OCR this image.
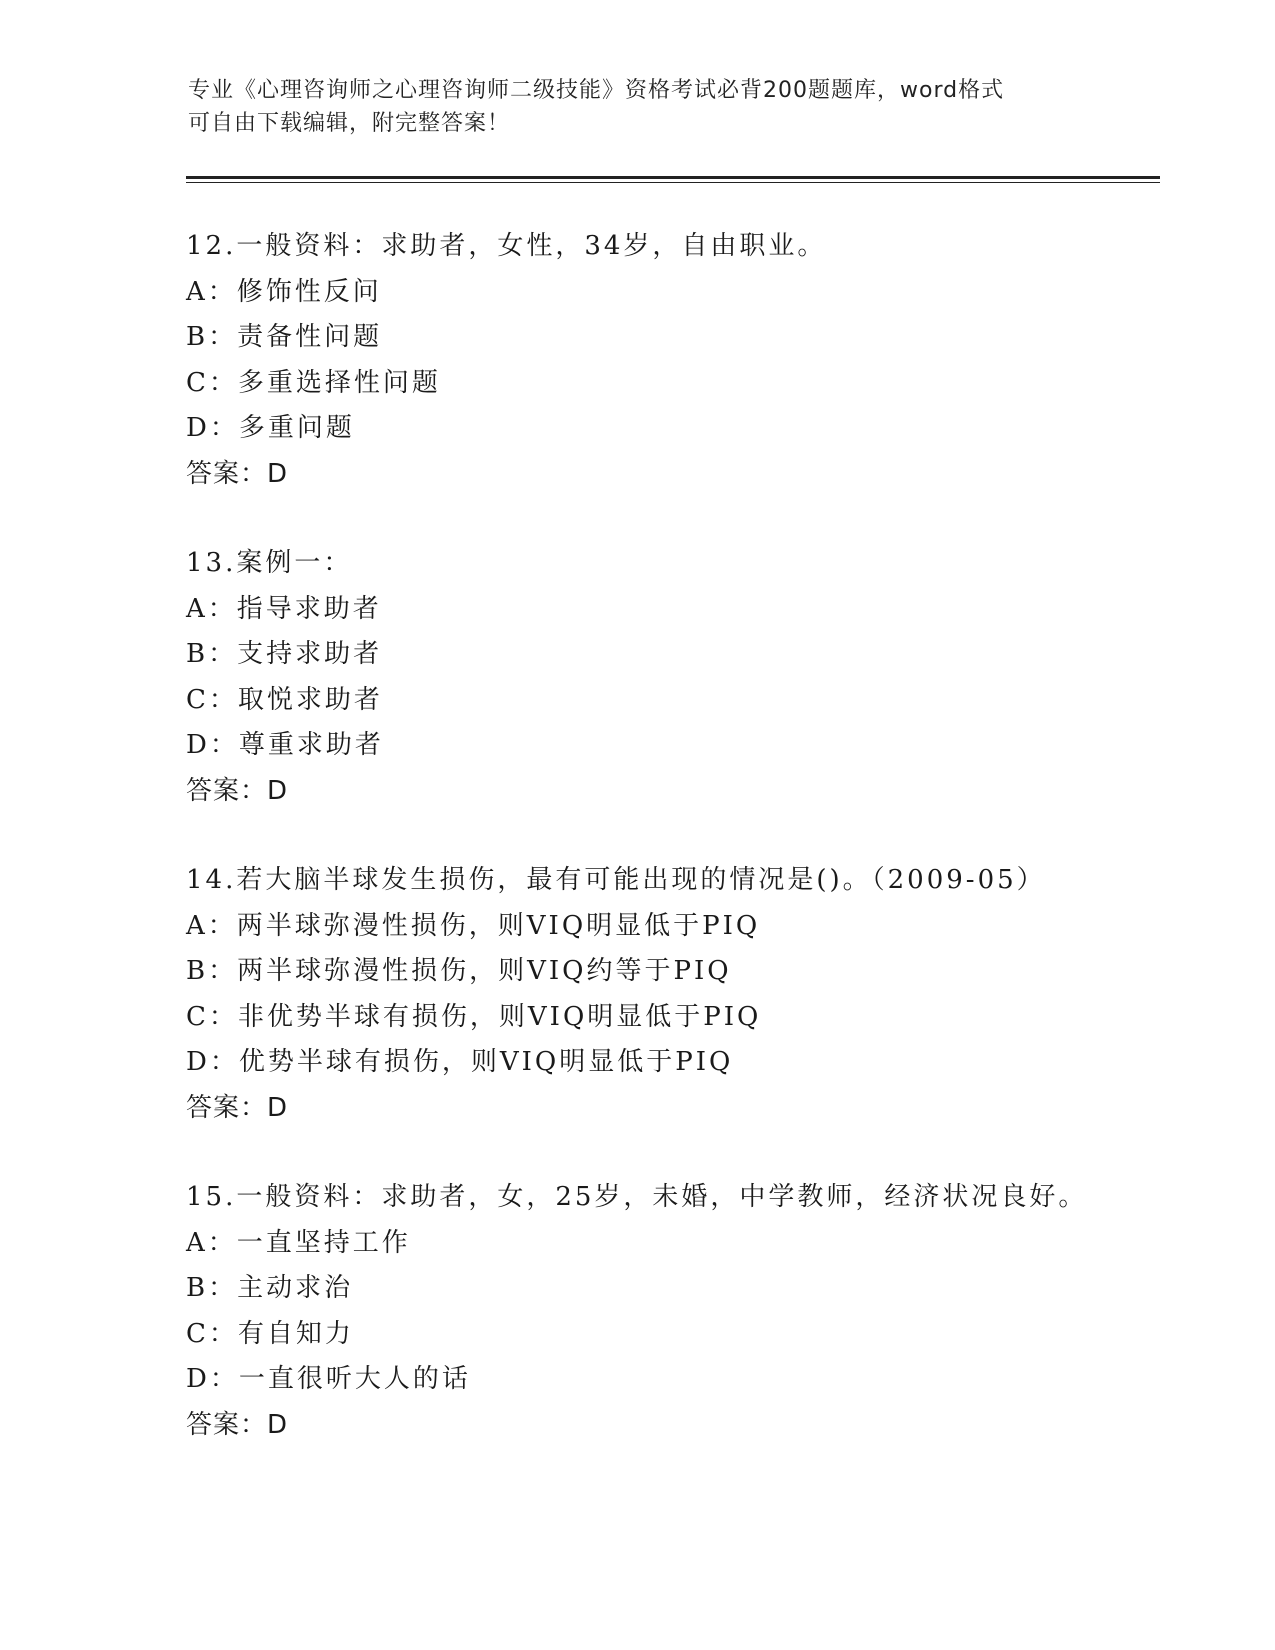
专业《心理咨询师之心理咨询师二级技能》资格考试必背200题题库，word格式
可自由下载编辑，附完整答案！
12.一般资料：求助者，女性，34岁，自由职业。
A：修饰性反问
B：责备性问题
C：多重选择性问题
D：多重问题
答案：D
13.案例一：
A：指导求助者
B：支持求助者
C：取悦求助者
D：尊重求助者
答案：D
14.若大脑半球发生损伤，最有可能出现的情况是()。（2009-05）
A：两半球弥漫性损伤，则VIQ明显低于PIQ
B：两半球弥漫性损伤，则VIQ约等于PIQ
C：非优势半球有损伤，则VIQ明显低于PIQ
D：优势半球有损伤，则VIQ明显低于PIQ
答案：D
15.一般资料：求助者，女，25岁，未婚，中学教师，经济状况良好。
A：一直坚持工作
B：主动求治
C：有自知力
D：一直很听大人的话
答案：D
